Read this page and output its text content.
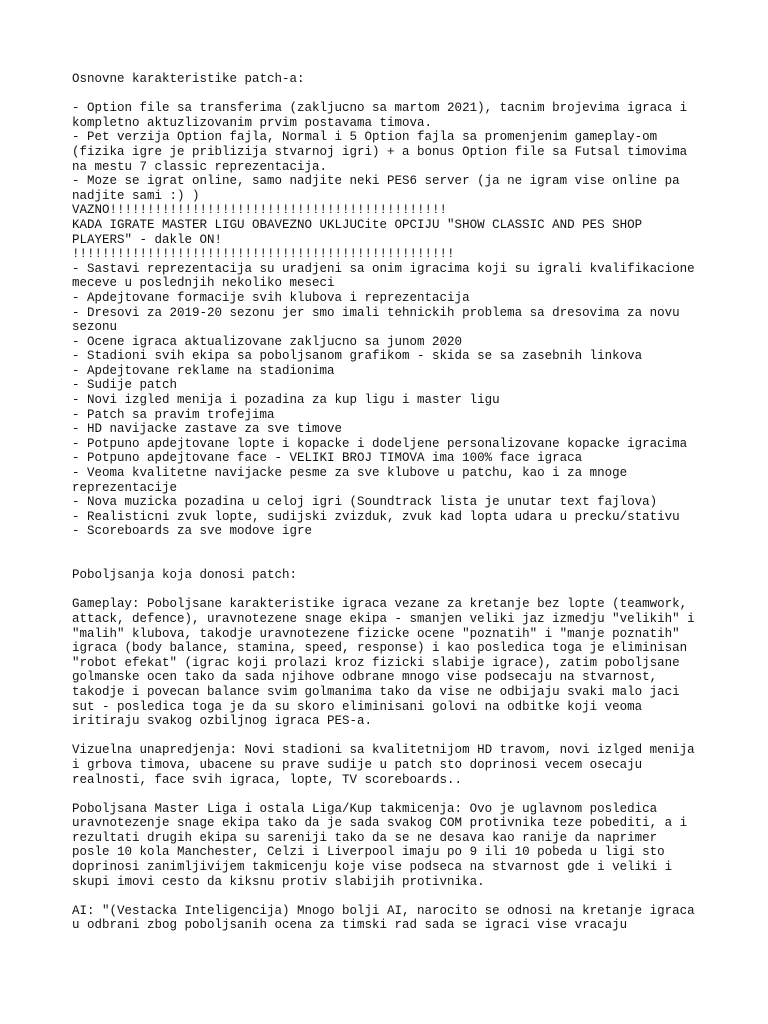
Osnovne karakteristike patch-a:
- Option file sa transferima (zakljucno sa martom 2021), tacnim brojevima igraca i
kompletno aktuzlizovanim prvim postavama timova.
- Pet verzija Option fajla, Normal i 5 Option fajla sa promenjenim gameplay-om
(fizika igre je priblizija stvarnoj igri) + a bonus Option file sa Futsal timovima
na mestu 7 classic reprezentacija.
- Moze se igrat online, samo nadjite neki PES6 server (ja ne igram vise online pa
nadjite sami :) )
VAZNO!!!!!!!!!!!!!!!!!!!!!!!!!!!!!!!!!!!!!!!!!!!!!
KADA IGRATE MASTER LIGU OBAVEZNO UKLJUCite OPCIJU "SHOW CLASSIC AND PES SHOP
PLAYERS" - dakle ON!
!!!!!!!!!!!!!!!!!!!!!!!!!!!!!!!!!!!!!!!!!!!!!!!!!!!
- Sastavi reprezentacija su uradjeni sa onim igracima koji su igrali kvalifikacione
meceve u poslednjih nekoliko meseci
- Apdejtovane formacije svih klubova i reprezentacija
- Dresovi za 2019-20 sezonu jer smo imali tehnickih problema sa dresovima za novu
sezonu
- Ocene igraca aktualizovane zakljucno sa junom 2020
- Stadioni svih ekipa sa poboljsanom grafikom - skida se sa zasebnih linkova
- Apdejtovane reklame na stadionima
- Sudije patch
- Novi izgled menija i pozadina za kup ligu i master ligu
- Patch sa pravim trofejima
- HD navijacke zastave za sve timove
- Potpuno apdejtovane lopte i kopacke i dodeljene personalizovane kopacke igracima
- Potpuno apdejtovane face - VELIKI BROJ TIMOVA ima 100% face igraca
- Veoma kvalitetne navijacke pesme za sve klubove u patchu, kao i za mnoge
reprezentacije
- Nova muzicka pozadina u celoj igri (Soundtrack lista je unutar text fajlova)
- Realisticni zvuk lopte, sudijski zvizduk, zvuk kad lopta udara u precku/stativu
- Scoreboards za sve modove igre
Poboljsanja koja donosi patch:
Gameplay: Poboljsane karakteristike igraca vezane za kretanje bez lopte (teamwork,
attack, defence), uravnotezene snage ekipa - smanjen veliki jaz izmedju "velikih" i
"malih" klubova, takodje uravnotezene fizicke ocene "poznatih" i "manje poznatih"
igraca (body balance, stamina, speed, response) i kao posledica toga je eliminisan
"robot efekat" (igrac koji prolazi kroz fizicki slabije igrace), zatim poboljsane
golmanske ocen tako da sada njihove odbrane mnogo vise podsecaju na stvarnost,
takodje i povecan balance svim golmanima tako da vise ne odbijaju svaki malo jaci
sut - posledica toga je da su skoro eliminisani golovi na odbitke koji veoma
iritiraju svakog ozbiljnog igraca PES-a.
Vizuelna unapredjenja: Novi stadioni sa kvalitetnijom HD travom, novi izlged menija
i grbova timova, ubacene su prave sudije u patch sto doprinosi vecem osecaju
realnosti, face svih igraca, lopte, TV scoreboards..
Poboljsana Master Liga i ostala Liga/Kup takmicenja: Ovo je uglavnom posledica
uravnotezenje snage ekipa tako da je sada svakog COM protivnika teze pobediti, a i
rezultati drugih ekipa su sareniji tako da se ne desava kao ranije da naprimer
posle 10 kola Manchester, Celzi i Liverpool imaju po 9 ili 10 pobeda u ligi sto
doprinosi zanimljivijem takmicenju koje vise podseca na stvarnost gde i veliki i
skupi imovi cesto da kiksnu protiv slabijih protivnika.
AI: "(Vestacka Inteligencija) Mnogo bolji AI, narocito se odnosi na kretanje igraca
u odbrani zbog poboljsanih ocena za timski rad sada se igraci vise vracaju
